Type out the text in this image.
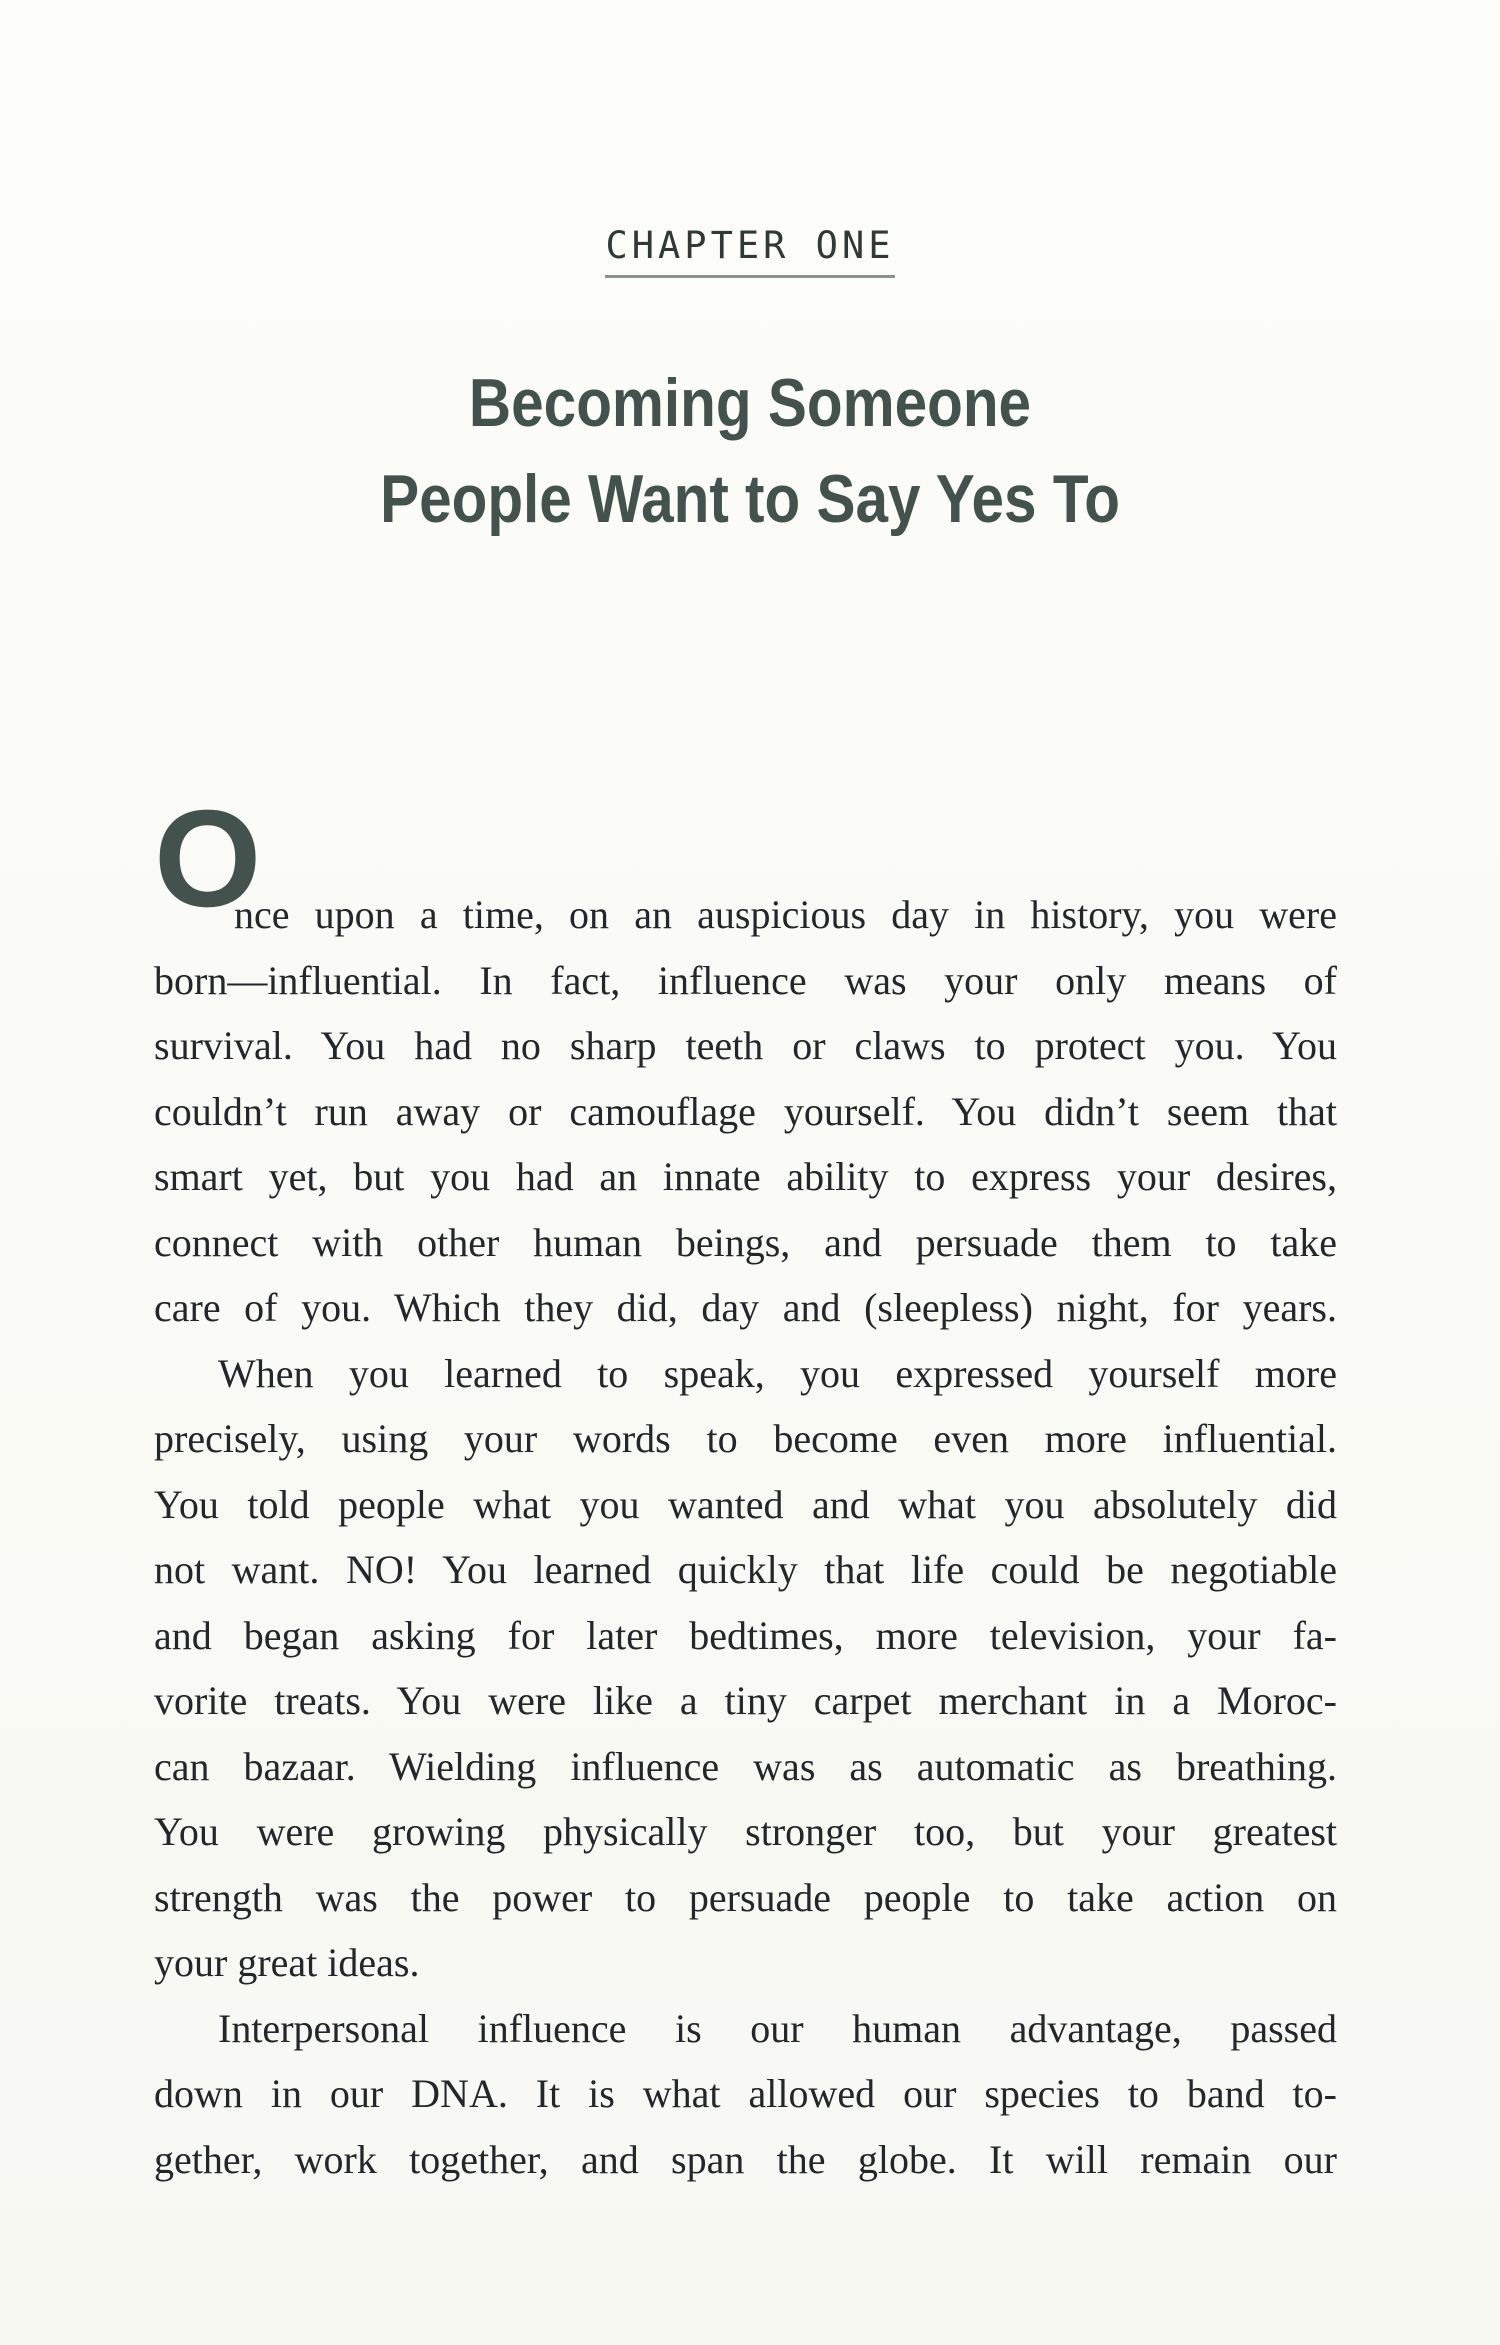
CHAPTER ONE
Becoming Someone
People Want to Say Yes To
O
nce upon a time, on an auspicious day in history, you were
born—influential. In fact, influence was your only means of
survival. You had no sharp teeth or claws to protect you. You
couldn’t run away or camouflage yourself. You didn’t seem that
smart yet, but you had an innate ability to express your desires,
connect with other human beings, and persuade them to take
care of you. Which they did, day and (sleepless) night, for years.
When you learned to speak, you expressed yourself more
precisely, using your words to become even more influential.
You told people what you wanted and what you absolutely did
not want. NO! You learned quickly that life could be negotiable
and began asking for later bedtimes, more television, your fa-
vorite treats. You were like a tiny carpet merchant in a Moroc-
can bazaar. Wielding influence was as automatic as breathing.
You were growing physically stronger too, but your greatest
strength was the power to persuade people to take action on
your great ideas.
Interpersonal influence is our human advantage, passed
down in our DNA. It is what allowed our species to band to-
gether, work together, and span the globe. It will remain our
